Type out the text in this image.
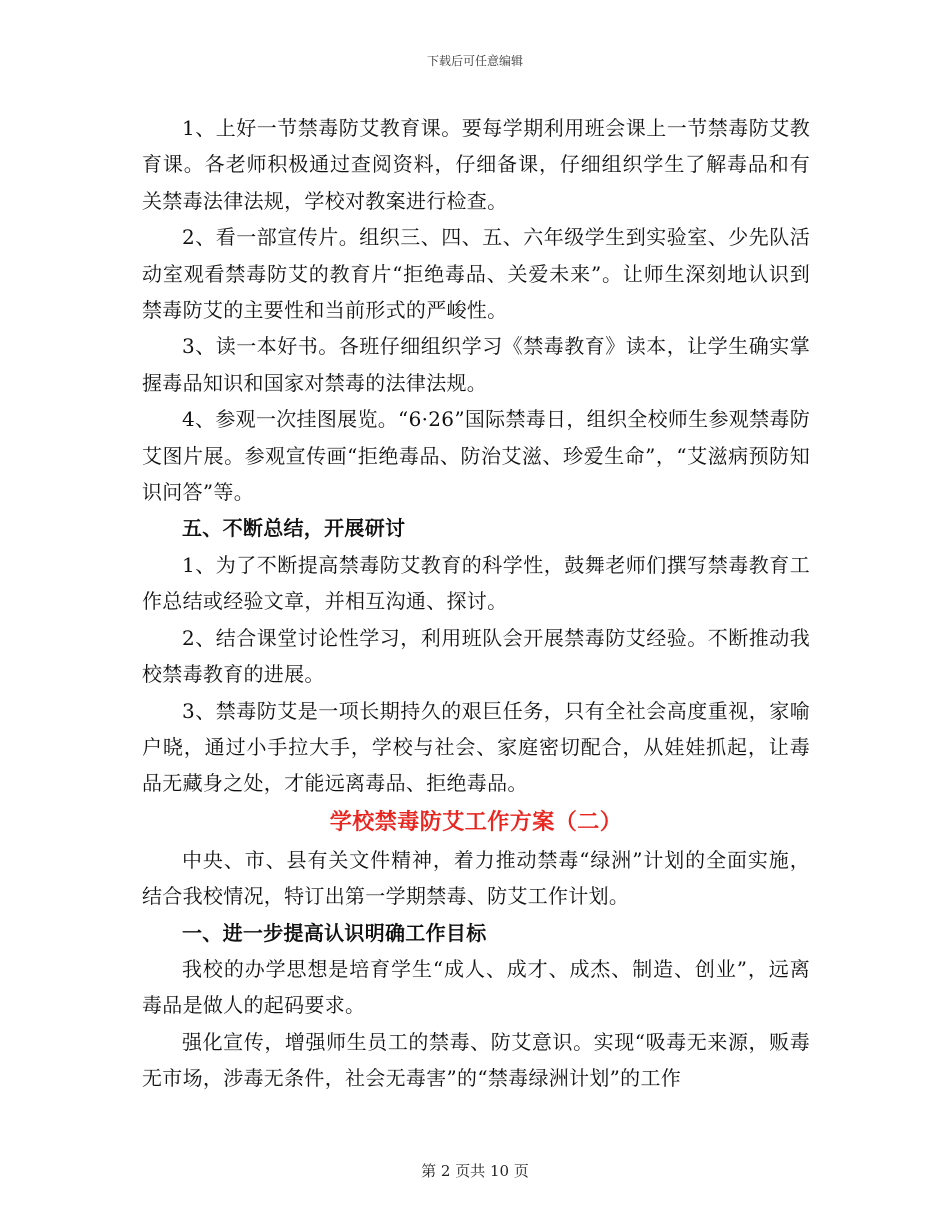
下载后可任意编辑

1、上好一节禁毒防艾教育课。要每学期利用班会课上一节禁毒防艾教育课。各老师积极通过查阅资料，仔细备课，仔细组织学生了解毒品和有关禁毒法律法规，学校对教案进行检查。

2、看一部宣传片。组织三、四、五、六年级学生到实验室、少先队活动室观看禁毒防艾的教育片“拒绝毒品、关爱未来”。让师生深刻地认识到禁毒防艾的主要性和当前形式的严峻性。

3、读一本好书。各班仔细组织学习《禁毒教育》读本，让学生确实掌握毒品知识和国家对禁毒的法律法规。

4、参观一次挂图展览。“6·26”国际禁毒日，组织全校师生参观禁毒防艾图片展。参观宣传画“拒绝毒品、防治艾滋、珍爱生命”，“艾滋病预防知识问答”等。

五、不断总结，开展研讨

1、为了不断提高禁毒防艾教育的科学性，鼓舞老师们撰写禁毒教育工作总结或经验文章，并相互沟通、探讨。

2、结合课堂讨论性学习，利用班队会开展禁毒防艾经验。不断推动我校禁毒教育的进展。

3、禁毒防艾是一项长期持久的艰巨任务，只有全社会高度重视，家喻户晓，通过小手拉大手，学校与社会、家庭密切配合，从娃娃抓起，让毒品无藏身之处，才能远离毒品、拒绝毒品。

学校禁毒防艾工作方案（二）

中央、市、县有关文件精神，着力推动禁毒“绿洲”计划的全面实施，结合我校情况，特订出第一学期禁毒、防艾工作计划。

一、进一步提高认识明确工作目标

我校的办学思想是培育学生“成人、成才、成杰、制造、创业”，远离毒品是做人的起码要求。

强化宣传，增强师生员工的禁毒、防艾意识。实现“吸毒无来源，贩毒无市场，涉毒无条件，社会无毒害”的“禁毒绿洲计划”的工作

第 2 页共 10 页
